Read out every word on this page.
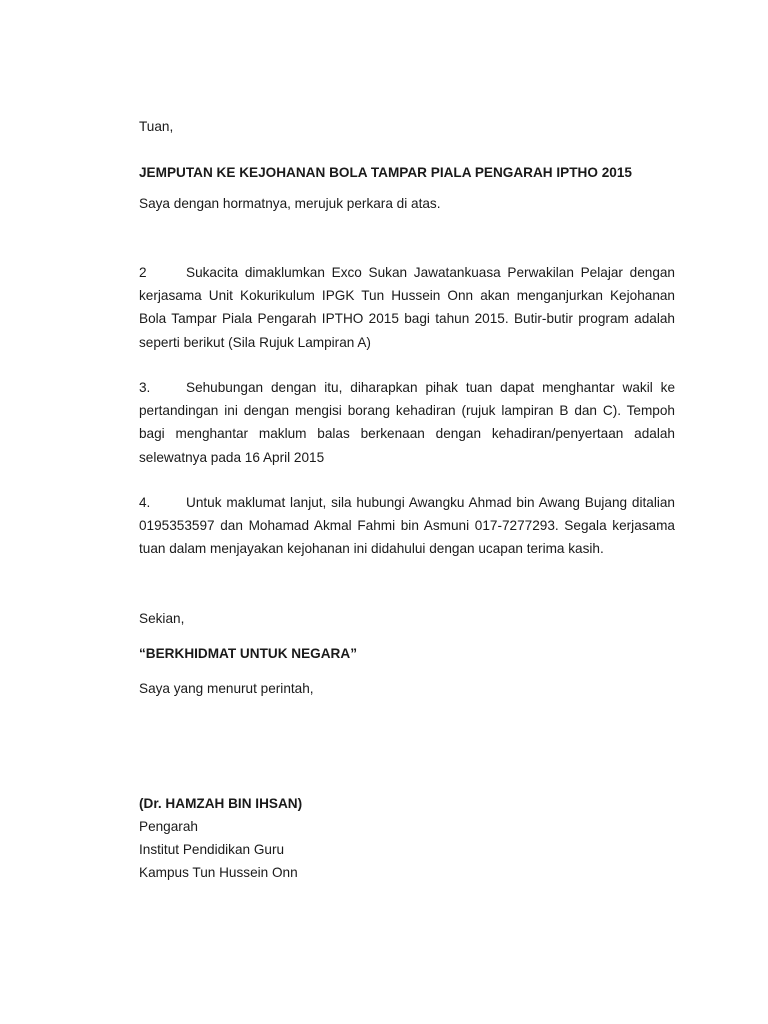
Tuan,
JEMPUTAN KE KEJOHANAN BOLA TAMPAR PIALA PENGARAH IPTHO 2015
Saya dengan hormatnya, merujuk perkara di atas.

2	Sukacita dimaklumkan Exco Sukan Jawatankuasa Perwakilan Pelajar dengan kerjasama Unit Kokurikulum IPGK Tun Hussein Onn akan menganjurkan Kejohanan Bola Tampar Piala Pengarah IPTHO 2015 bagi tahun 2015. Butir-butir program adalah seperti berikut (Sila Rujuk Lampiran A)

3.	Sehubungan dengan itu, diharapkan pihak tuan dapat menghantar wakil ke pertandingan ini dengan mengisi borang kehadiran (rujuk lampiran B dan C). Tempoh bagi menghantar maklum balas berkenaan dengan kehadiran/penyertaan adalah selewatnya pada 16 April 2015

4.	Untuk maklumat lanjut, sila hubungi Awangku Ahmad bin Awang Bujang ditalian 0195353597 dan Mohamad Akmal Fahmi bin Asmuni 017-7277293. Segala kerjasama tuan dalam menjayakan kejohanan ini didahului dengan ucapan terima kasih.

Sekian,
“BERKHIDMAT UNTUK NEGARA”
Saya yang menurut perintah,
(Dr. HAMZAH BIN IHSAN)
Pengarah
Institut Pendidikan Guru
Kampus Tun Hussein Onn
